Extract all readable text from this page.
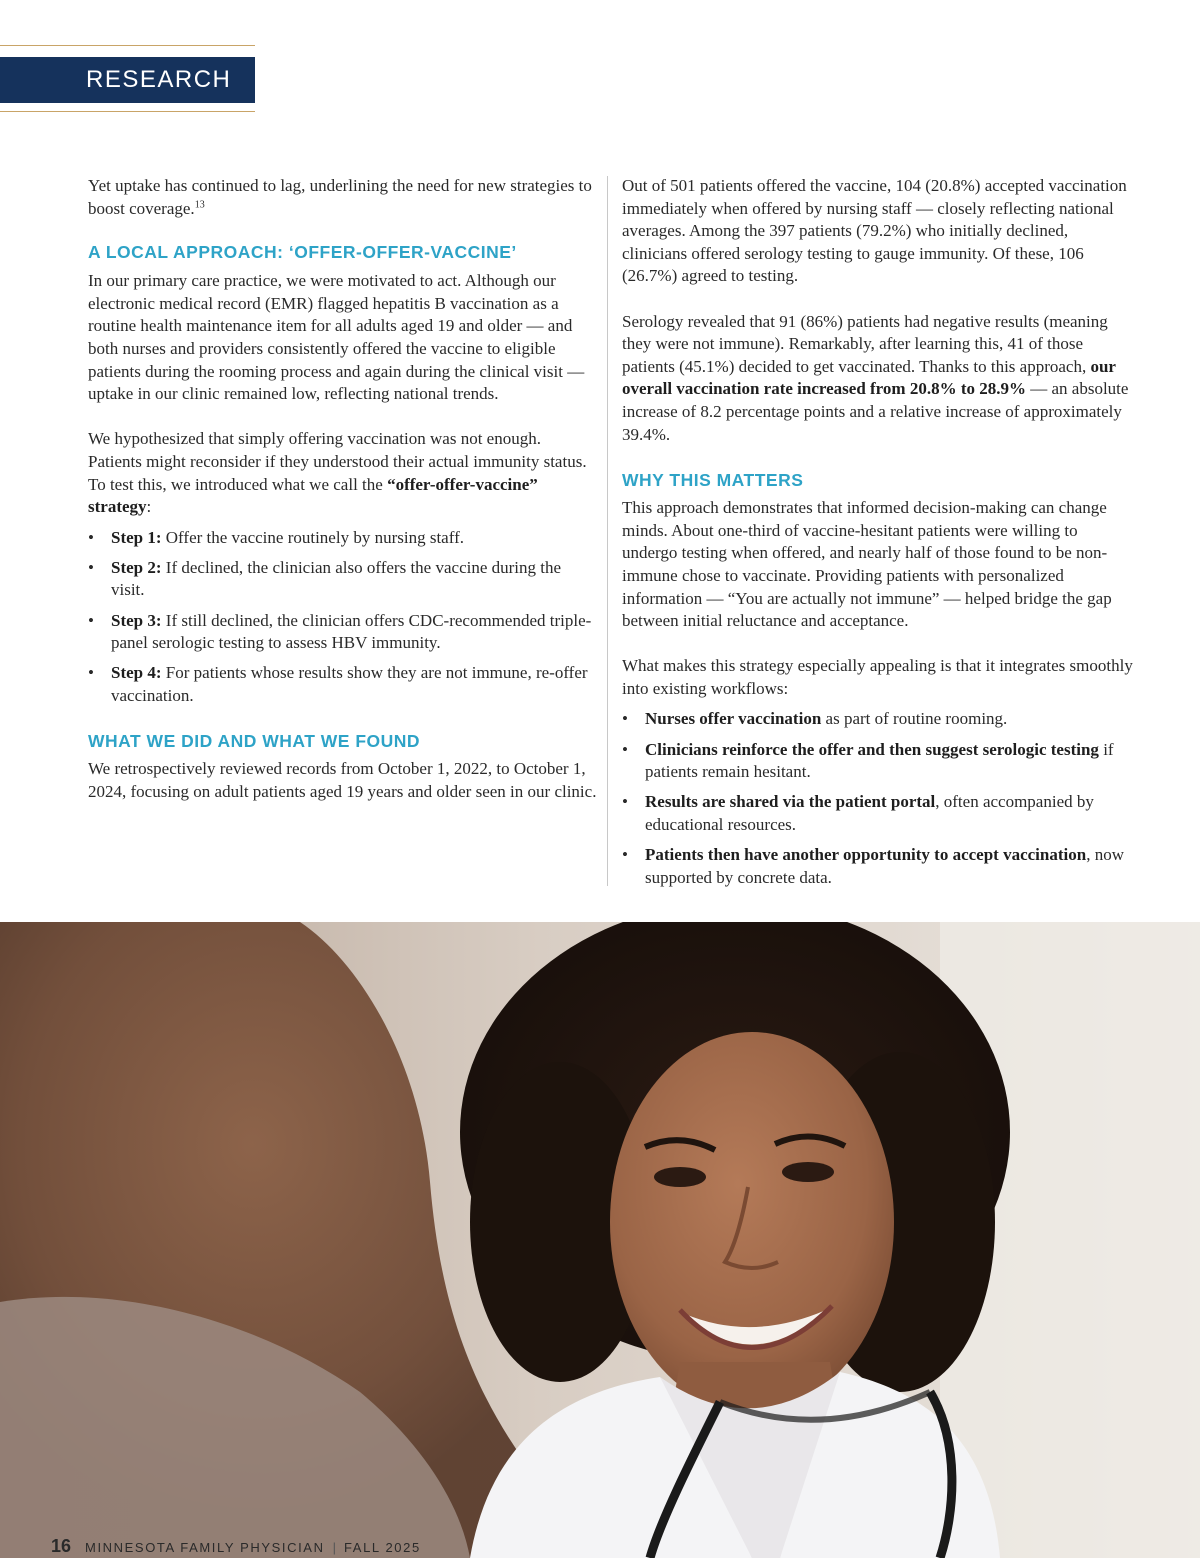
RESEARCH

Yet uptake has continued to lag, underlining the need for new strategies to boost coverage.$^{13}$

A LOCAL APPROACH: ‘OFFER-OFFER-VACCINE’

In our primary care practice, we were motivated to act. Although our electronic medical record (EMR) flagged hepatitis B vaccination as a routine health maintenance item for all adults aged 19 and older — and both nurses and providers consistently offered the vaccine to eligible patients during the rooming process and again during the clinical visit — uptake in our clinic remained low, reflecting national trends.

We hypothesized that simply offering vaccination was not enough. Patients might reconsider if they understood their actual immunity status. To test this, we introduced what we call the “offer-offer-vaccine” strategy:

• Step 1: Offer the vaccine routinely by nursing staff.
• Step 2: If declined, the clinician also offers the vaccine during the visit.
• Step 3: If still declined, the clinician offers CDC-recommended triple-panel serologic testing to assess HBV immunity.
• Step 4: For patients whose results show they are not immune, re-offer vaccination.
WHAT WE DID AND WHAT WE FOUND

We retrospectively reviewed records from October 1, 2022, to October 1, 2024, focusing on adult patients aged 19 years and older seen in our clinic.

Out of 501 patients offered the vaccine, 104 (20.8%) accepted vaccination immediately when offered by nursing staff — closely reflecting national averages. Among the 397 patients (79.2%) who initially declined, clinicians offered serology testing to gauge immunity. Of these, 106 (26.7%) agreed to testing.

Serology revealed that 91 (86%) patients had negative results (meaning they were not immune). Remarkably, after learning this, 41 of those patients (45.1%) decided to get vaccinated. Thanks to this approach, our overall vaccination rate increased from 20.8% to 28.9% — an absolute increase of 8.2 percentage points and a relative increase of approximately 39.4%.

WHY THIS MATTERS

This approach demonstrates that informed decision-making can change minds. About one-third of vaccine-hesitant patients were willing to undergo testing when offered, and nearly half of those found to be non-immune chose to vaccinate. Providing patients with personalized information — “You are actually not immune” — helped bridge the gap between initial reluctance and acceptance.

What makes this strategy especially appealing is that it integrates smoothly into existing workflows:

• Nurses offer vaccination as part of routine rooming.
• Clinicians reinforce the offer and then suggest serologic testing if patients remain hesitant.
• Results are shared via the patient portal, often accompanied by educational resources.
• Patients then have another opportunity to accept vaccination, now supported by concrete data.
16 MINNESOTA FAMILY PHYSICIAN | FALL 2025
